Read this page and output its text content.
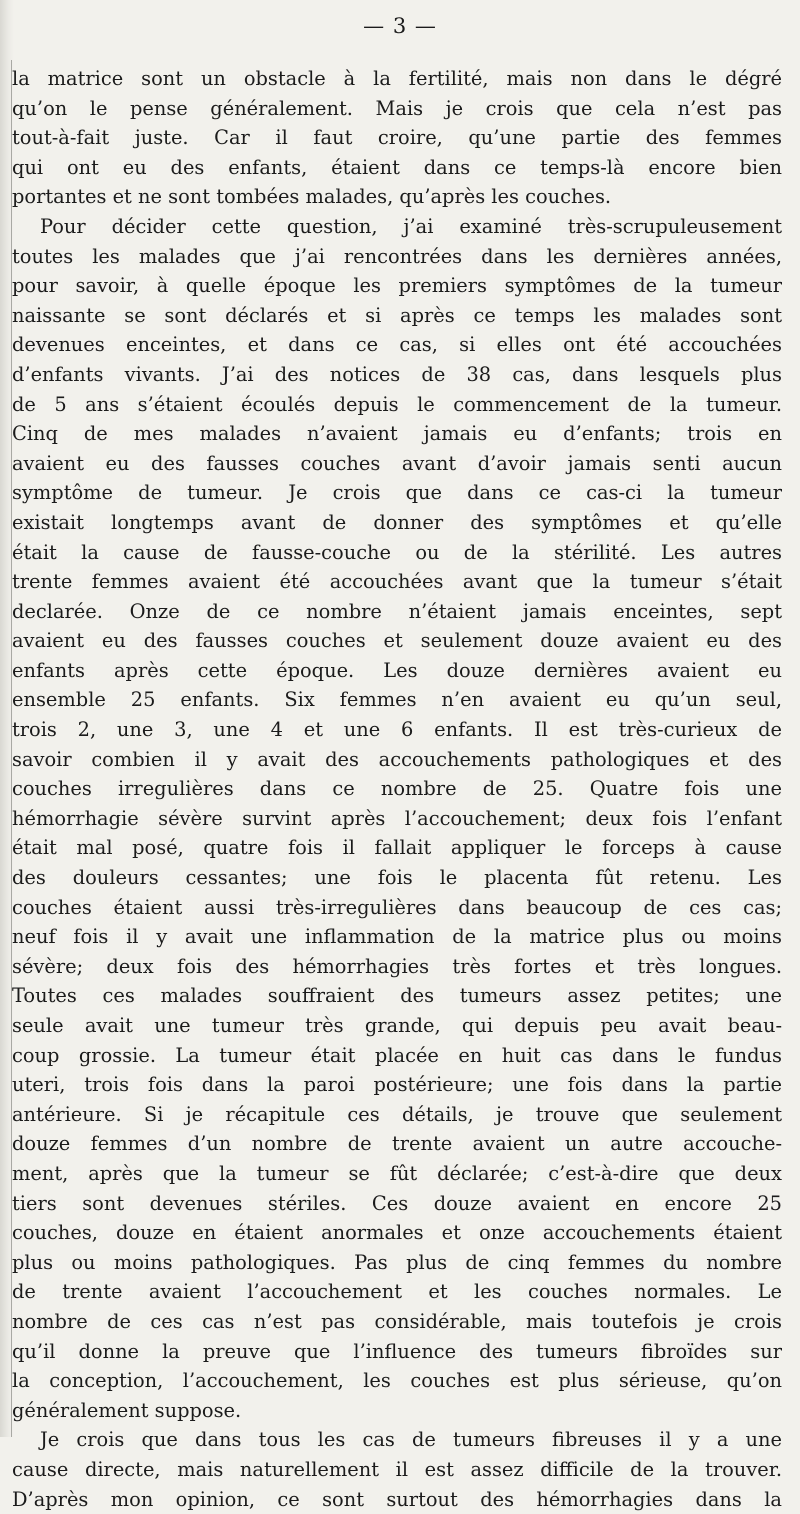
— 3 —
la matrice sont un obstacle à la fertilité, mais non dans le dégré
qu’on le pense généralement. Mais je crois que cela n’est pas
tout-à-fait juste. Car il faut croire, qu’une partie des femmes
qui ont eu des enfants, étaient dans ce temps-là encore bien
portantes et ne sont tombées malades, qu’après les couches.
Pour décider cette question, j’ai examiné très-scrupuleusement
toutes les malades que j’ai rencontrées dans les dernières années,
pour savoir, à quelle époque les premiers symptômes de la tumeur
naissante se sont déclarés et si après ce temps les malades sont
devenues enceintes, et dans ce cas, si elles ont été accouchées
d’enfants vivants. J’ai des notices de 38 cas, dans lesquels plus
de 5 ans s’étaient écoulés depuis le commencement de la tumeur.
Cinq de mes malades n’avaient jamais eu d’enfants; trois en
avaient eu des fausses couches avant d’avoir jamais senti aucun
symptôme de tumeur. Je crois que dans ce cas-ci la tumeur
existait longtemps avant de donner des symptômes et qu’elle
était la cause de fausse-couche ou de la stérilité. Les autres
trente femmes avaient été accouchées avant que la tumeur s’était
declarée. Onze de ce nombre n’étaient jamais enceintes, sept
avaient eu des fausses couches et seulement douze avaient eu des
enfants après cette époque. Les douze dernières avaient eu
ensemble 25 enfants. Six femmes n’en avaient eu qu’un seul,
trois 2, une 3, une 4 et une 6 enfants. Il est très-curieux de
savoir combien il y avait des accouchements pathologiques et des
couches irregulières dans ce nombre de 25. Quatre fois une
hémorrhagie sévère survint après l’accouchement; deux fois l’enfant
était mal posé, quatre fois il fallait appliquer le forceps à cause
des douleurs cessantes; une fois le placenta fût retenu. Les
couches étaient aussi très-irregulières dans beaucoup de ces cas;
neuf fois il y avait une inflammation de la matrice plus ou moins
sévère; deux fois des hémorrhagies très fortes et très longues.
Toutes ces malades souffraient des tumeurs assez petites; une
seule avait une tumeur très grande, qui depuis peu avait beau-
coup grossie. La tumeur était placée en huit cas dans le fundus
uteri, trois fois dans la paroi postérieure; une fois dans la partie
antérieure. Si je récapitule ces détails, je trouve que seulement
douze femmes d’un nombre de trente avaient un autre accouche-
ment, après que la tumeur se fût déclarée; c’est-à-dire que deux
tiers sont devenues stériles. Ces douze avaient en encore 25
couches, douze en étaient anormales et onze accouchements étaient
plus ou moins pathologiques. Pas plus de cinq femmes du nombre
de trente avaient l’accouchement et les couches normales. Le
nombre de ces cas n’est pas considérable, mais toutefois je crois
qu’il donne la preuve que l’influence des tumeurs fibroïdes sur
la conception, l’accouchement, les couches est plus sérieuse, qu’on
généralement suppose.
Je crois que dans tous les cas de tumeurs fibreuses il y a une
cause directe, mais naturellement il est assez difficile de la trouver.
D’après mon opinion, ce sont surtout des hémorrhagies dans la
